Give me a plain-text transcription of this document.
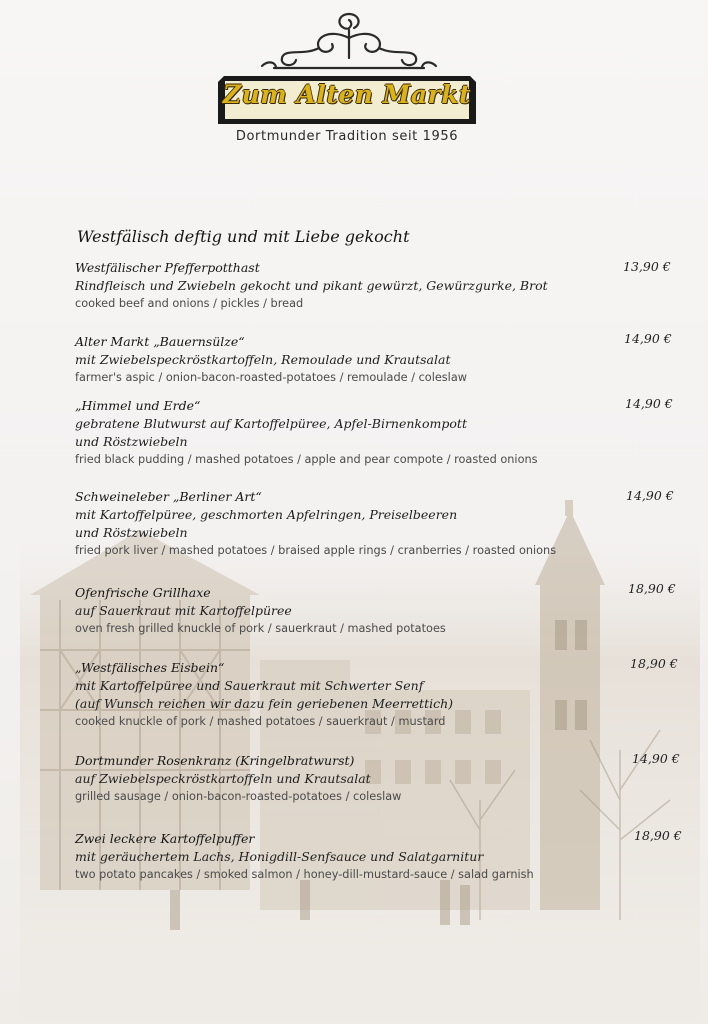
Zum Alten Markt
Dortmunder Tradition seit 1956
Westfälisch deftig und mit Liebe gekocht
Westfälischer Pfefferpotthast
Rindfleisch und Zwiebeln gekocht und pikant gewürzt, Gewürzgurke, Brot
cooked beef and onions / pickles / bread
13,90 €
Alter Markt „Bauernsülze“
mit Zwiebelspeckröstkartoffeln, Remoulade und Krautsalat
farmer's aspic / onion-bacon-roasted-potatoes / remoulade / coleslaw
14,90 €
„Himmel und Erde“
gebratene Blutwurst auf Kartoffelpüree, Apfel-Birnenkompott
und Röstzwiebeln
fried black pudding / mashed potatoes / apple and pear compote / roasted onions
14,90 €
Schweineleber „Berliner Art“
mit Kartoffelpüree, geschmorten Apfelringen, Preiselbeeren
und Röstzwiebeln
fried pork liver / mashed potatoes / braised apple rings / cranberries / roasted onions
14,90 €
Ofenfrische Grillhaxe
auf Sauerkraut mit Kartoffelpüree
oven fresh grilled knuckle of pork / sauerkraut / mashed potatoes
18,90 €
„Westfälisches Eisbein“
mit Kartoffelpüree und Sauerkraut mit Schwerter Senf
(auf Wunsch reichen wir dazu fein geriebenen Meerrettich)
cooked knuckle of pork / mashed potatoes / sauerkraut / mustard
18,90 €
Dortmunder Rosenkranz (Kringelbratwurst)
auf Zwiebelspeckröstkartoffeln und Krautsalat
grilled sausage / onion-bacon-roasted-potatoes / coleslaw
14,90 €
Zwei leckere Kartoffelpuffer
mit geräuchertem Lachs, Honigdill-Senfsauce und Salatgarnitur
two potato pancakes / smoked salmon / honey-dill-mustard-sauce / salad garnish
18,90 €
